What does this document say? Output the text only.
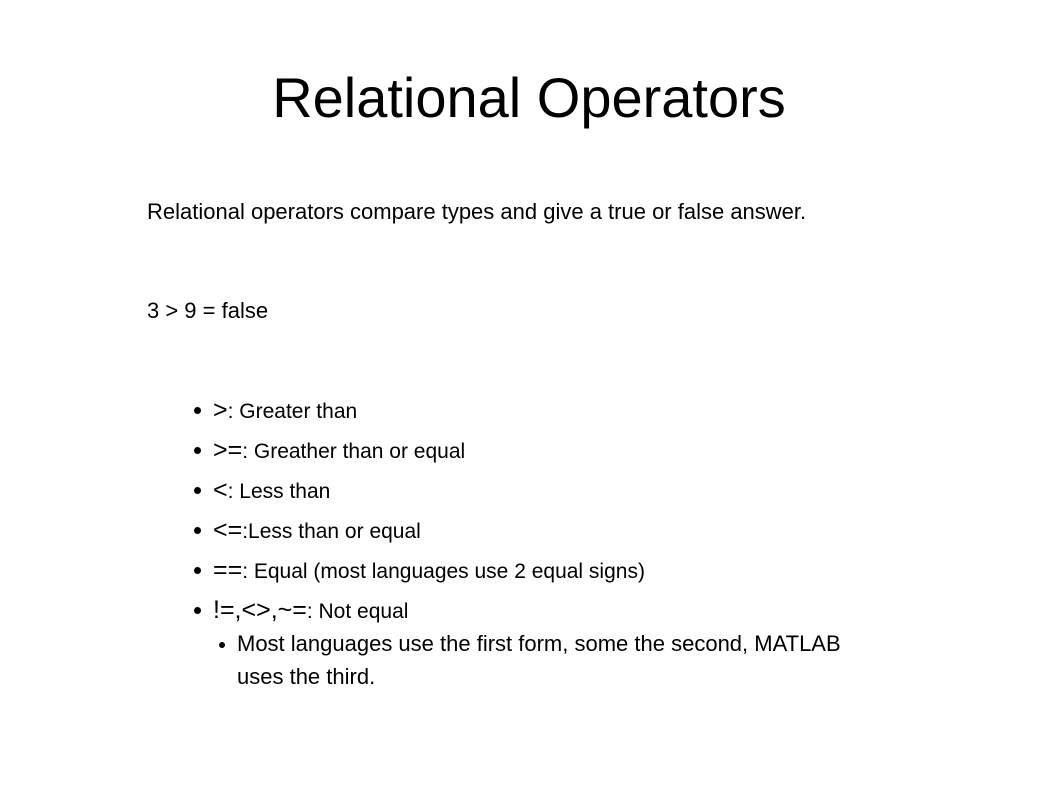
Relational Operators

Relational operators compare types and give a true or false answer.

3 > 9 = false

>: Greater than
>=: Greather than or equal
<: Less than
<=:Less than or equal
==: Equal (most languages use 2 equal signs)
!=,<>,~=: Not equal
Most languages use the first form, some the second, MATLAB uses the third.
